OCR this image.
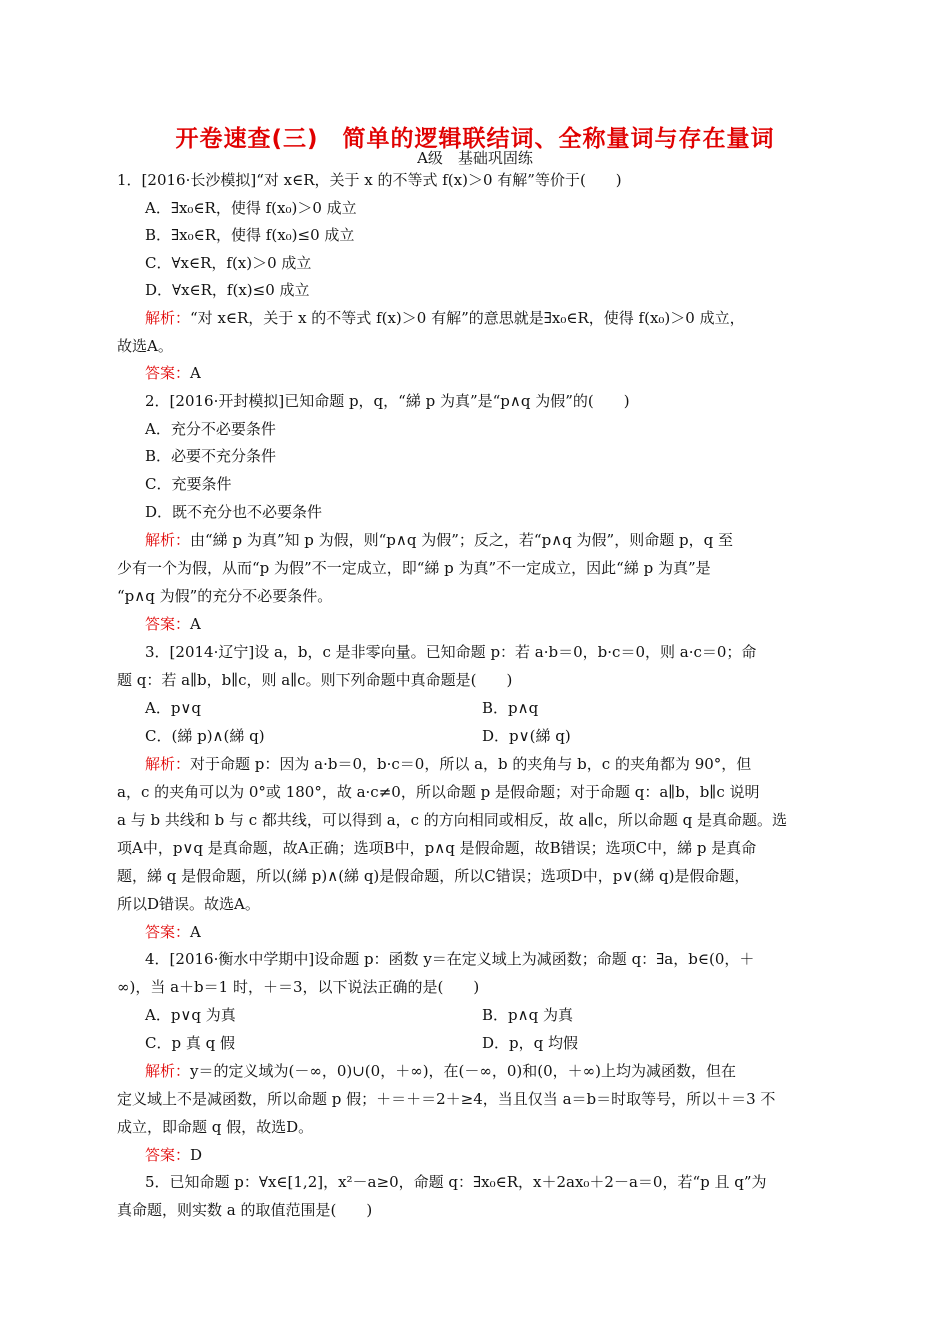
开卷速查(三)　简单的逻辑联结词、全称量词与存在量词
A级　基础巩固练
1．[2016·长沙模拟]“对 x∈R，关于 x 的不等式 f(x)＞0 有解”等价于(　　)
A．∃x₀∈R，使得 f(x₀)＞0 成立
B．∃x₀∈R，使得 f(x₀)≤0 成立
C．∀x∈R，f(x)＞0 成立
D．∀x∈R，f(x)≤0 成立
解析：“对 x∈R，关于 x 的不等式 f(x)＞0 有解”的意思就是∃x₀∈R，使得 f(x₀)＞0 成立，
故选A。
答案：A
2．[2016·开封模拟]已知命题 p，q，“綈 p 为真”是“p∧q 为假”的(　　)
A．充分不必要条件
B．必要不充分条件
C．充要条件
D．既不充分也不必要条件
解析：由“綈 p 为真”知 p 为假，则“p∧q 为假”；反之，若“p∧q 为假”，则命题 p，q 至
少有一个为假，从而“p 为假”不一定成立，即“綈 p 为真”不一定成立，因此“綈 p 为真”是
“p∧q 为假”的充分不必要条件。
答案：A
3．[2014·辽宁]设 a，b，c 是非零向量。已知命题 p：若 a·b＝0，b·c＝0，则 a·c＝0；命
题 q：若 a∥b，b∥c，则 a∥c。则下列命题中真命题是(　　)
A．p∨q	B．p∧q
C．(綈 p)∧(綈 q)	D．p∨(綈 q)
解析：对于命题 p：因为 a·b＝0，b·c＝0，所以 a，b 的夹角与 b，c 的夹角都为 90°，但
a，c 的夹角可以为 0°或 180°，故 a·c≠0，所以命题 p 是假命题；对于命题 q：a∥b，b∥c 说明
a 与 b 共线和 b 与 c 都共线，可以得到 a，c 的方向相同或相反，故 a∥c，所以命题 q 是真命题。选
项A中，p∨q 是真命题，故A正确；选项B中，p∧q 是假命题，故B错误；选项C中，綈 p 是真命
题，綈 q 是假命题，所以(綈 p)∧(綈 q)是假命题，所以C错误；选项D中，p∨(綈 q)是假命题，
所以D错误。故选A。
答案：A
4．[2016·衡水中学期中]设命题 p：函数 y＝在定义域上为减函数；命题 q：∃a，b∈(0，＋
∞)，当 a＋b＝1 时，＋＝3，以下说法正确的是(　　)
A．p∨q 为真	B．p∧q 为真
C．p 真 q 假	D．p，q 均假
解析：y＝的定义域为(－∞，0)∪(0，＋∞)，在(－∞，0)和(0，＋∞)上均为减函数，但在
定义域上不是减函数，所以命题 p 假；＋＝＋＝2＋≥4，当且仅当 a＝b＝时取等号，所以＋＝3 不
成立，即命题 q 假，故选D。
答案：D
5．已知命题 p：∀x∈[1,2]，x²－a≥0，命题 q：∃x₀∈R，x＋2ax₀＋2－a＝0，若“p 且 q”为
真命题，则实数 a 的取值范围是(　　)
